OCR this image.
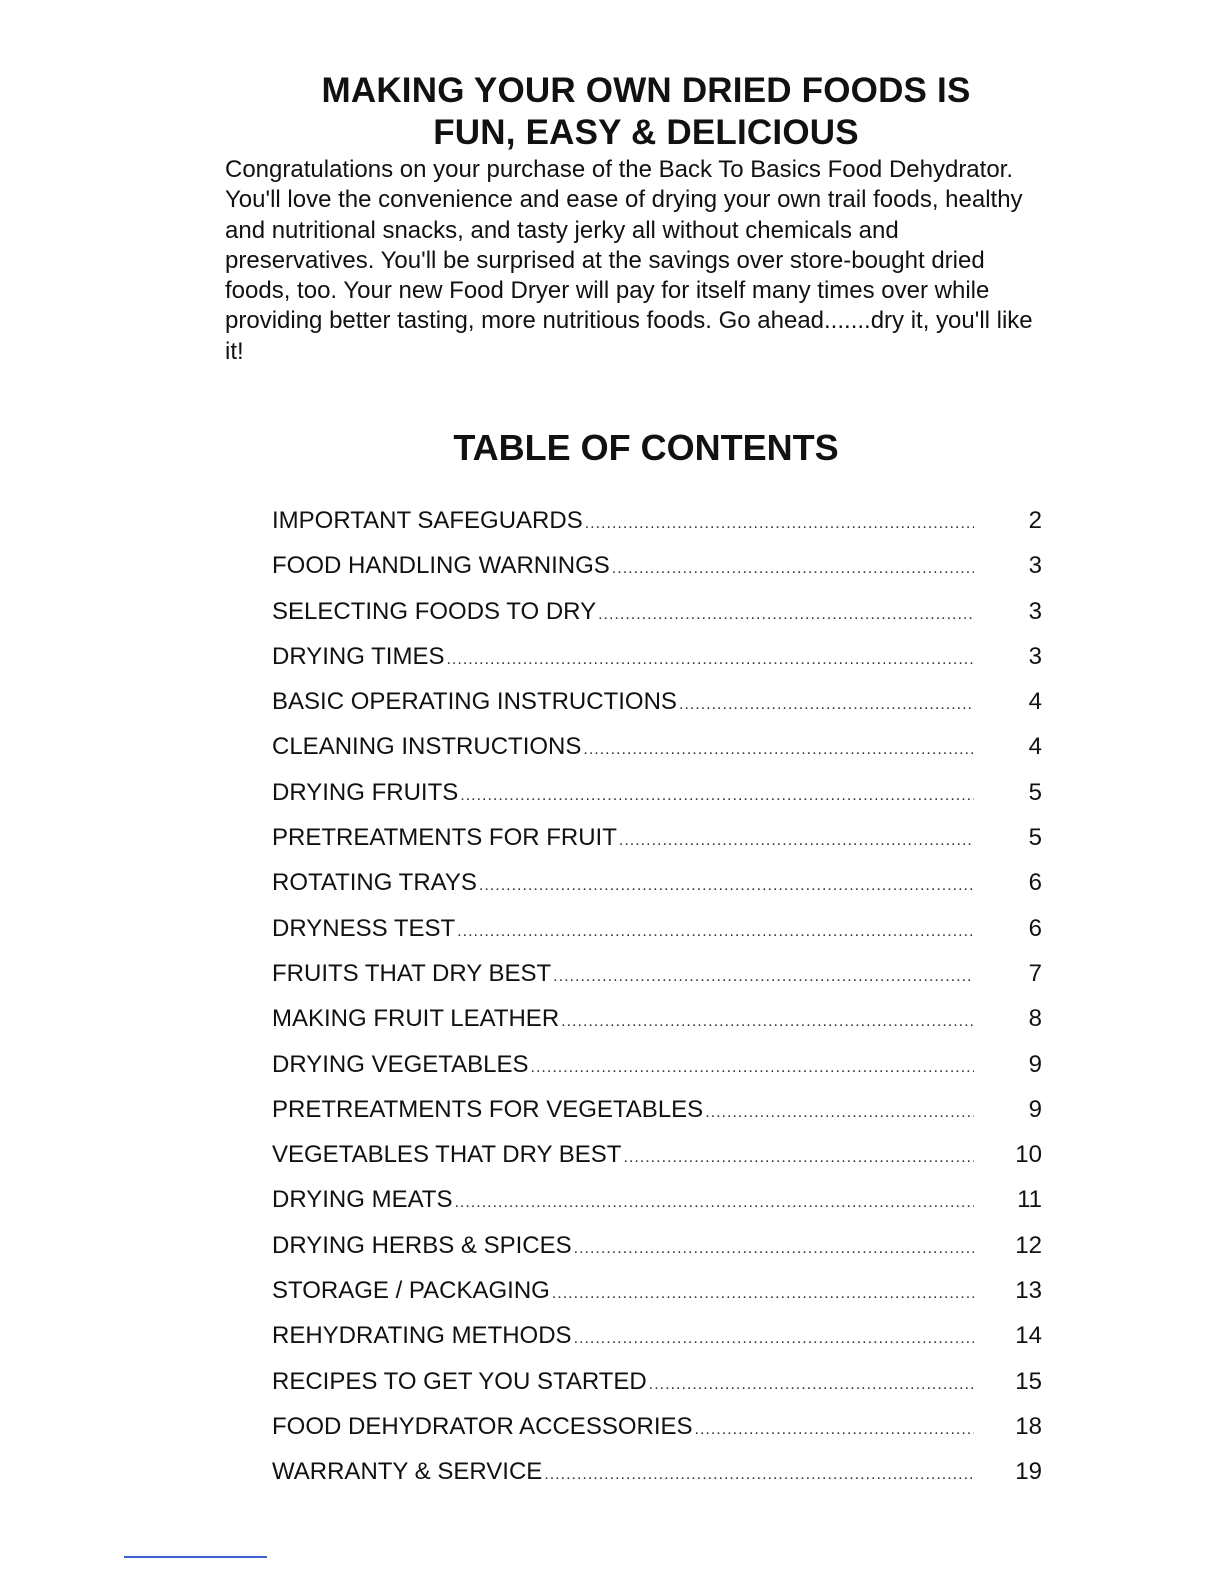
MAKING YOUR OWN DRIED FOODS IS
FUN, EASY & DELICIOUS

Congratulations on your purchase of the Back To Basics Food Dehydrator. You'll love the convenience and ease of drying your own trail foods, healthy and nutritional snacks, and tasty jerky all without chemicals and preservatives. You'll be surprised at the savings over store-bought dried foods, too. Your new Food Dryer will pay for itself many times over while providing better tasting, more nutritious foods. Go ahead.......dry it, you'll like it!

TABLE OF CONTENTS
IMPORTANT SAFEGUARDS .....	2
FOOD HANDLING WARNINGS .....	3
SELECTING FOODS TO DRY .....	3
DRYING TIMES .....	3
BASIC OPERATING INSTRUCTIONS .....	4
CLEANING INSTRUCTIONS .....	4
DRYING FRUITS .....	5
PRETREATMENTS FOR FRUIT .....	5
ROTATING TRAYS .....	6
DRYNESS TEST .....	6
FRUITS THAT DRY BEST .....	7
MAKING FRUIT LEATHER .....	8
DRYING VEGETABLES .....	9
PRETREATMENTS FOR VEGETABLES .....	9
VEGETABLES THAT DRY BEST .....	10
DRYING MEATS .....	11
DRYING HERBS & SPICES .....	12
STORAGE / PACKAGING .....	13
REHYDRATING METHODS .....	14
RECIPES TO GET YOU STARTED .....	15
FOOD DEHYDRATOR ACCESSORIES .....	18
WARRANTY & SERVICE .....	19
